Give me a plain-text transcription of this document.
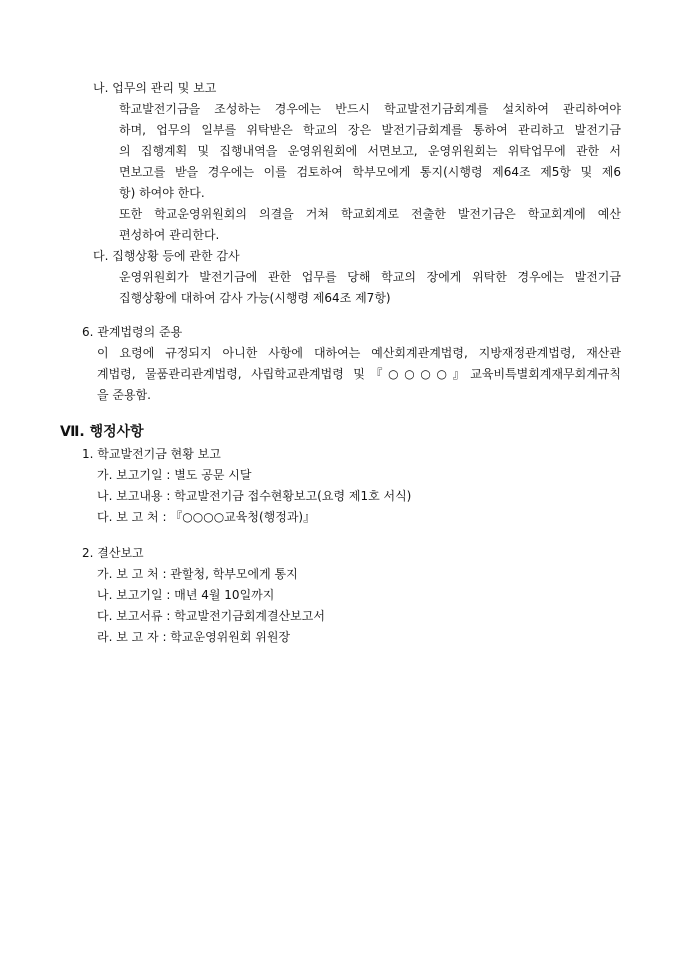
나. 업무의 관리 및 보고
학교발전기금을 조성하는 경우에는 반드시 학교발전기금회계를 설치하여 관리하여야
하며, 업무의 일부를 위탁받은 학교의 장은 발전기금회계를 통하여 관리하고 발전기금
의 집행계획 및 집행내역을 운영위원회에 서면보고, 운영위원회는 위탁업무에 관한 서
면보고를 받을 경우에는 이를 검토하여 학부모에게 통지(시행령 제64조 제5항 및 제6
항) 하여야 한다.
또한 학교운영위원회의 의결을 거쳐 학교회계로 전출한 발전기금은 학교회계에 예산
편성하여 관리한다.
다. 집행상황 등에 관한 감사
운영위원회가 발전기금에 관한 업무를 당해 학교의 장에게 위탁한 경우에는 발전기금
집행상황에 대하여 감사 가능(시행령 제64조 제7항)
6. 관계법령의 준용
이 요령에 규정되지 아니한 사항에 대하여는 예산회계관계법령, 지방재정관계법령, 재산관
계법령, 물품관리관계법령, 사립학교관계법령 및『○○○○』교육비특별회계재무회계규칙
을 준용함.
Ⅶ. 행정사항
1. 학교발전기금 현황 보고
가. 보고기일 : 별도 공문 시달
나. 보고내용 : 학교발전기금 접수현황보고(요령 제1호 서식)
다. 보 고 처 : 『○○○○교육청(행정과)』
2. 결산보고
가. 보 고 처 : 관할청, 학부모에게 통지
나. 보고기일 : 매년 4월 10일까지
다. 보고서류 : 학교발전기금회계결산보고서
라. 보 고 자 : 학교운영위원회 위원장
